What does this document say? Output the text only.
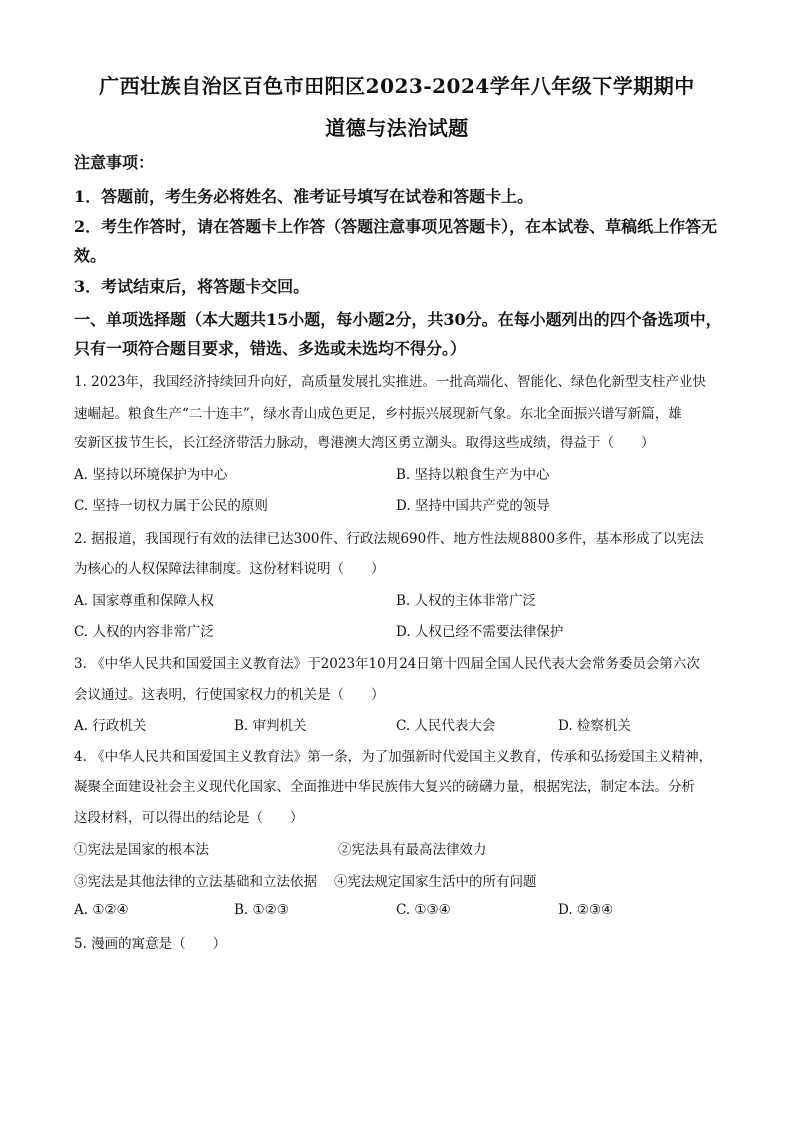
广西壮族自治区百色市田阳区2023-2024学年八年级下学期期中
道德与法治试题
注意事项：
1．答题前，考生务必将姓名、准考证号填写在试卷和答题卡上。
2．考生作答时，请在答题卡上作答（答题注意事项见答题卡），在本试卷、草稿纸上作答无
效。
3．考试结束后，将答题卡交回。
一、单项选择题（本大题共15小题，每小题2分，共30分。在每小题列出的四个备选项中，
只有一项符合题目要求，错选、多选或未选均不得分。）
1. 2023年，我国经济持续回升向好，高质量发展扎实推进。一批高端化、智能化、绿色化新型支柱产业快
速崛起。粮食生产“二十连丰”，绿水青山成色更足，乡村振兴展现新气象。东北全面振兴谱写新篇，雄
安新区拔节生长，长江经济带活力脉动，粤港澳大湾区勇立潮头。取得这些成绩，得益于（　　）
A. 坚持以环境保护为中心	B. 坚持以粮食生产为中心
C. 坚持一切权力属于公民的原则	D. 坚持中国共产党的领导
2. 据报道，我国现行有效的法律已达300件、行政法规690件、地方性法规8800多件，基本形成了以宪法
为核心的人权保障法律制度。这份材料说明（　　）
A. 国家尊重和保障人权	B. 人权的主体非常广泛
C. 人权的内容非常广泛	D. 人权已经不需要法律保护
3. 《中华人民共和国爱国主义教育法》于2023年10月24日第十四届全国人民代表大会常务委员会第六次
会议通过。这表明，行使国家权力的机关是（　　）
A. 行政机关	B. 审判机关	C. 人民代表大会	D. 检察机关
4. 《中华人民共和国爱国主义教育法》第一条，为了加强新时代爱国主义教育，传承和弘扬爱国主义精神，
凝聚全面建设社会主义现代化国家、全面推进中华民族伟大复兴的磅礴力量，根据宪法，制定本法。分析
这段材料，可以得出的结论是（　　）
①宪法是国家的根本法	②宪法具有最高法律效力
③宪法是其他法律的立法基础和立法依据 ④宪法规定国家生活中的所有问题
A. ①②④	B. ①②③	C. ①③④	D. ②③④
5. 漫画的寓意是（　　）
